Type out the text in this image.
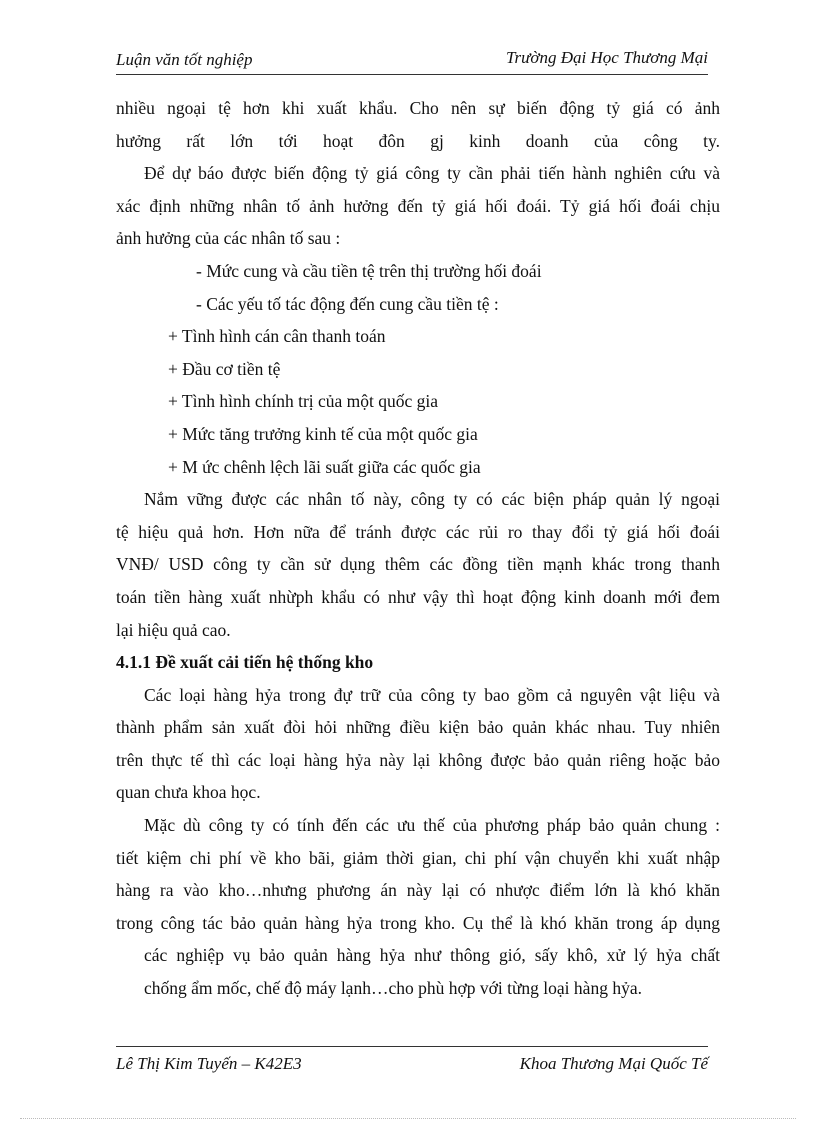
Luận văn tốt nghiệp	Trường Đại Học Thương Mại
nhiều ngoại tệ hơn khi xuất khẩu. Cho nên sự biến động tỷ giá có ảnh
hưởng rất lớn tới hoạt đôn gj kinh doanh của công ty.
Để dự báo được biến động tỷ giá công ty cần phải tiến hành nghiên cứu và
xác định những nhân tố ảnh hưởng đến tỷ giá hối đoái. Tỷ giá hối đoái chịu
ảnh hưởng của các nhân tố sau :
- Mức cung và cầu tiền tệ trên thị trường hối đoái
- Các yếu tố tác động đến cung cầu tiền tệ :
+ Tình hình cán cân thanh toán
+ Đầu cơ tiền tệ
+ Tình hình chính trị của một quốc gia
+ Mức tăng trưởng kinh tế của một quốc gia
+ M ức chênh lệch lãi suất giữa các quốc gia
Nắm vững được các nhân tố này, công ty có các biện pháp quản lý ngoại
tệ hiệu quả hơn. Hơn nữa để tránh được các rủi ro thay đổi tỷ giá hối đoái
VNĐ/ USD công ty cần sử dụng thêm các đồng tiền mạnh khác trong thanh
toán tiền hàng xuất nhừph khẩu có như vậy thì hoạt động kinh doanh mới đem
lại hiệu quả cao.
4.1.1 Đề xuất cải tiến hệ thống kho
Các loại hàng hỷa trong đự trữ của công ty bao gồm cả nguyên vật liệu và
thành phẩm sản xuất đòi hỏi những điều kiện bảo quản khác nhau. Tuy nhiên
trên thực tế thì các loại hàng hỷa này lại không được bảo quản riêng hoặc bảo
quan chưa khoa học.
Mặc dù công ty có tính đến các ưu thế của phương pháp bảo quản chung :
tiết kiệm chi phí về kho bãi, giảm thời gian, chi phí vận chuyển khi xuất nhập
hàng ra vào kho…nhưng phương án này lại có nhược điểm lớn là khó khăn
trong công tác bảo quản hàng hỷa trong kho. Cụ thể là khó khăn trong áp dụng
các nghiệp vụ bảo quản hàng hỷa như thông gió, sấy khô, xử lý hỷa chất
chống ẩm mốc, chế độ máy lạnh…cho phù hợp với từng loại hàng hỷa.
Lê Thị Kim Tuyến – K42E3	Khoa Thương Mại Quốc Tế
